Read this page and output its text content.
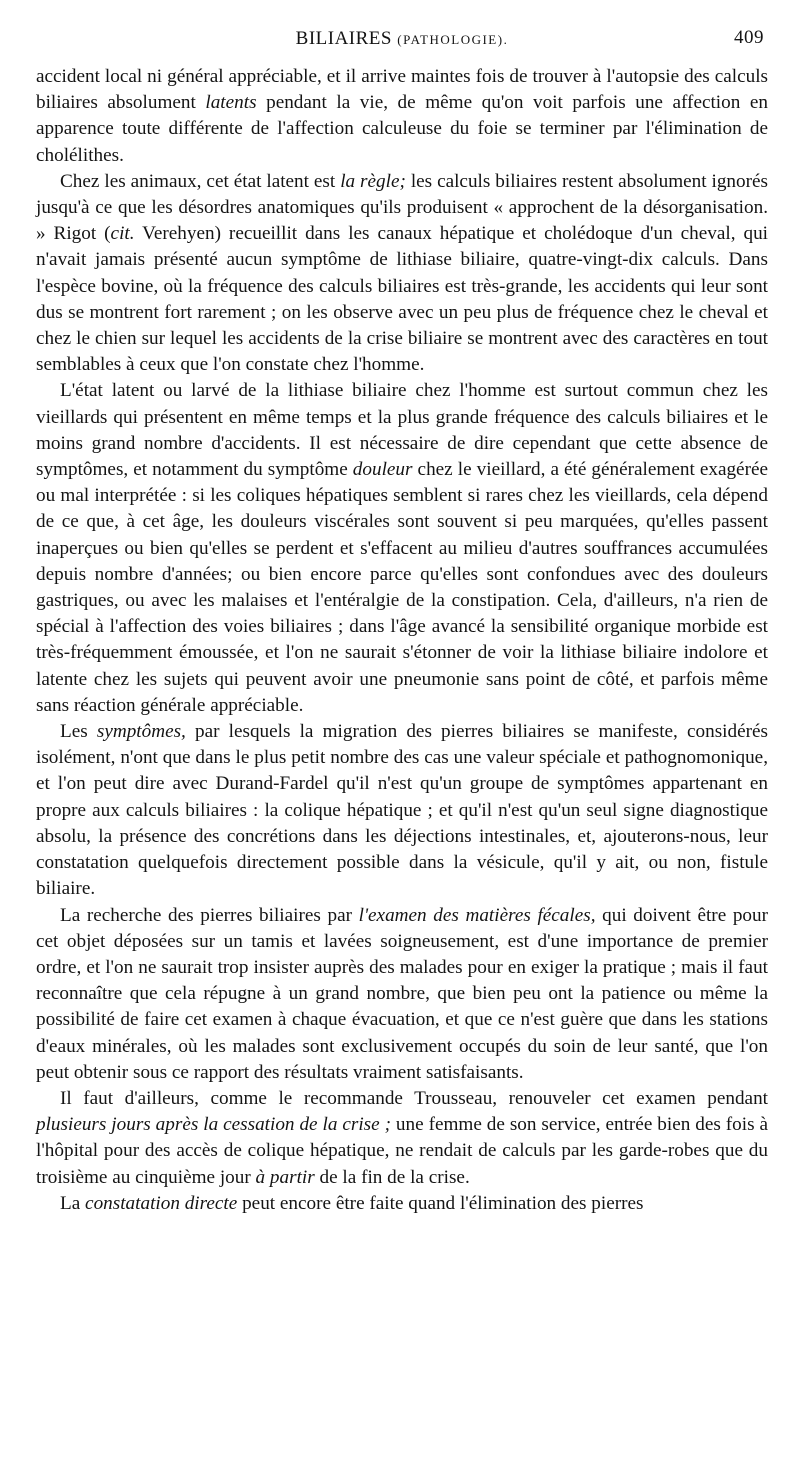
BILIAIRES (PATHOLOGIE).	409

accident local ni général appréciable, et il arrive maintes fois de trouver à l'autopsie des calculs biliaires absolument latents pendant la vie, de même qu'on voit parfois une affection en apparence toute différente de l'affection calculeuse du foie se terminer par l'élimination de cholélithes.

Chez les animaux, cet état latent est la règle; les calculs biliaires restent absolument ignorés jusqu'à ce que les désordres anatomiques qu'ils produisent « approchent de la désorganisation. » Rigot (cit. Verehyen) recueillit dans les canaux hépatique et cholédoque d'un cheval, qui n'avait jamais présenté aucun symptôme de lithiase biliaire, quatre-vingt-dix calculs. Dans l'espèce bovine, où la fréquence des calculs biliaires est très-grande, les accidents qui leur sont dus se montrent fort rarement ; on les observe avec un peu plus de fréquence chez le cheval et chez le chien sur lequel les accidents de la crise biliaire se montrent avec des caractères en tout semblables à ceux que l'on constate chez l'homme.

L'état latent ou larvé de la lithiase biliaire chez l'homme est surtout commun chez les vieillards qui présentent en même temps et la plus grande fréquence des calculs biliaires et le moins grand nombre d'accidents. Il est nécessaire de dire cependant que cette absence de symptômes, et notamment du symptôme douleur chez le vieillard, a été généralement exagérée ou mal interprétée : si les coliques hépatiques semblent si rares chez les vieillards, cela dépend de ce que, à cet âge, les douleurs viscérales sont souvent si peu marquées, qu'elles passent inaperçues ou bien qu'elles se perdent et s'effacent au milieu d'autres souffrances accumulées depuis nombre d'années; ou bien encore parce qu'elles sont confondues avec des douleurs gastriques, ou avec les malaises et l'entéralgie de la constipation. Cela, d'ailleurs, n'a rien de spécial à l'affection des voies biliaires ; dans l'âge avancé la sensibilité organique morbide est très-fréquemment émoussée, et l'on ne saurait s'étonner de voir la lithiase biliaire indolore et latente chez les sujets qui peuvent avoir une pneumonie sans point de côté, et parfois même sans réaction générale appréciable.

Les symptômes, par lesquels la migration des pierres biliaires se manifeste, considérés isolément, n'ont que dans le plus petit nombre des cas une valeur spéciale et pathognomonique, et l'on peut dire avec Durand-Fardel qu'il n'est qu'un groupe de symptômes appartenant en propre aux calculs biliaires : la colique hépatique ; et qu'il n'est qu'un seul signe diagnostique absolu, la présence des concrétions dans les déjections intestinales, et, ajouterons-nous, leur constatation quelquefois directement possible dans la vésicule, qu'il y ait, ou non, fistule biliaire.

La recherche des pierres biliaires par l'examen des matières fécales, qui doivent être pour cet objet déposées sur un tamis et lavées soigneusement, est d'une importance de premier ordre, et l'on ne saurait trop insister auprès des malades pour en exiger la pratique ; mais il faut reconnaître que cela répugne à un grand nombre, que bien peu ont la patience ou même la possibilité de faire cet examen à chaque évacuation, et que ce n'est guère que dans les stations d'eaux minérales, où les malades sont exclusivement occupés du soin de leur santé, que l'on peut obtenir sous ce rapport des résultats vraiment satisfaisants.

Il faut d'ailleurs, comme le recommande Trousseau, renouveler cet examen pendant plusieurs jours après la cessation de la crise ; une femme de son service, entrée bien des fois à l'hôpital pour des accès de colique hépatique, ne rendait de calculs par les garde-robes que du troisième au cinquième jour à partir de la fin de la crise.

La constatation directe peut encore être faite quand l'élimination des pierres
